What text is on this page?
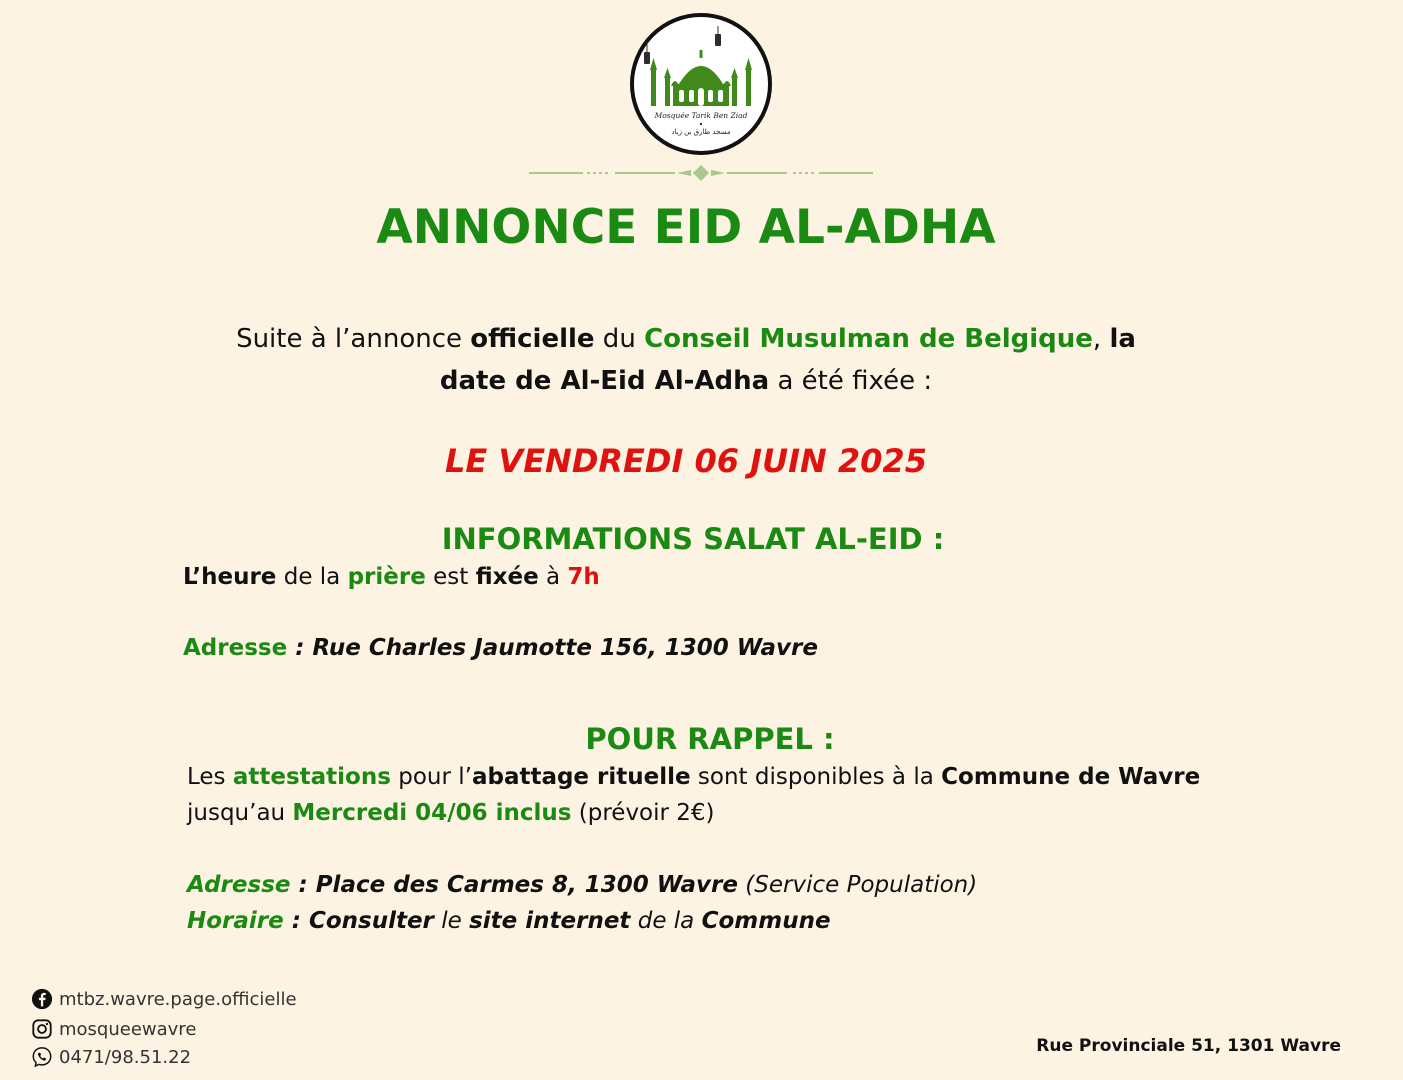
Mosquée Tarik Ben Ziad
مسجد طارق بن زياد
ANNONCE EID AL-ADHA

Suite à l’annonce officielle du Conseil Musulman de Belgique, la date de Al-Eid Al-Adha a été fixée :

LE VENDREDI 06 JUIN 2025
INFORMATIONS SALAT AL-EID :
L’heure de la prière est fixée à 7h
Adresse : Rue Charles Jaumotte 156, 1300 Wavre
POUR RAPPEL :
Les attestations pour l’abattage rituelle sont disponibles à la Commune de Wavre
jusqu’au Mercredi 04/06 inclus (prévoir 2€)
Adresse : Place des Carmes 8, 1300 Wavre (Service Population)
Horaire : Consulter le site internet de la Commune
mtbz.wavre.page.officielle
mosqueewavre
0471/98.51.22
Rue Provinciale 51, 1301 Wavre
